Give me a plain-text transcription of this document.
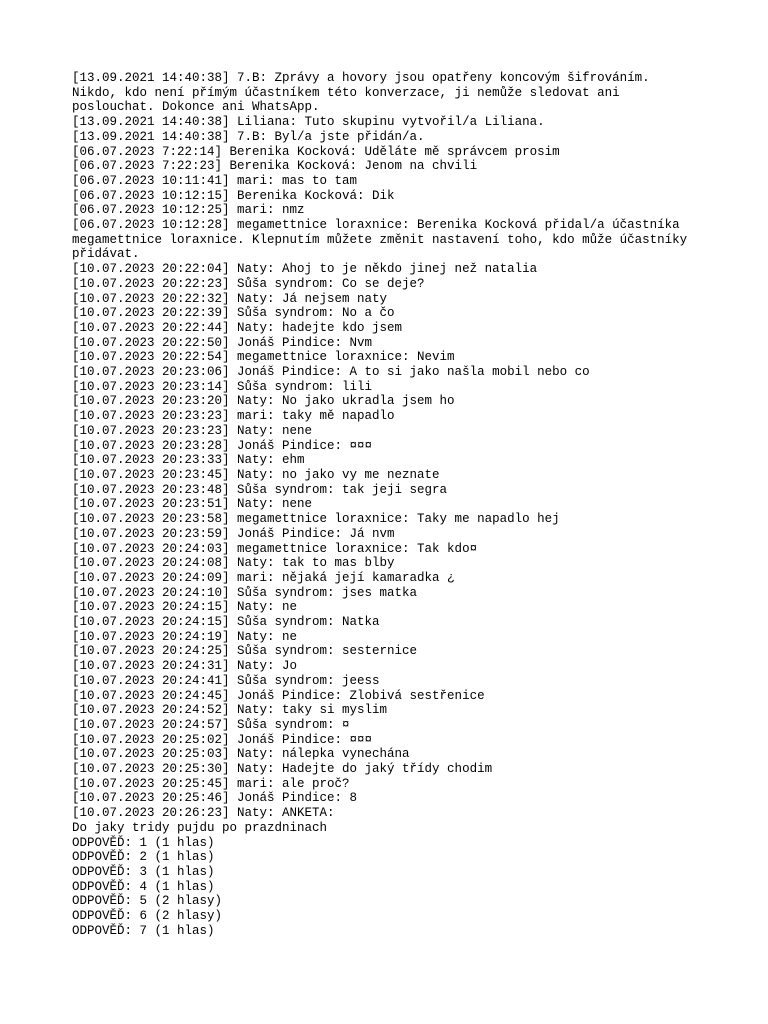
[13.09.2021 14:40:38] 7.B: Zprávy a hovory jsou opatřeny koncovým šifrováním.
Nikdo, kdo není přímým účastníkem této konverzace, ji nemůže sledovat ani
poslouchat. Dokonce ani WhatsApp.
[13.09.2021 14:40:38] Liliana: Tuto skupinu vytvořil/a Liliana.
[13.09.2021 14:40:38] 7.B: Byl/a jste přidán/a.
[06.07.2023 7:22:14] Berenika Kocková: Uděláte mě správcem prosim
[06.07.2023 7:22:23] Berenika Kocková: Jenom na chvili
[06.07.2023 10:11:41] mari: mas to tam
[06.07.2023 10:12:15] Berenika Kocková: Dik
[06.07.2023 10:12:25] mari: nmz
[06.07.2023 10:12:28] megamettnice loraxnice: Berenika Kocková přidal/a účastníka
megamettnice loraxnice. Klepnutím můžete změnit nastavení toho, kdo může účastníky
přidávat.
[10.07.2023 20:22:04] Naty: Ahoj to je někdo jinej než natalia
[10.07.2023 20:22:23] Sůša syndrom: Co se deje?
[10.07.2023 20:22:32] Naty: Já nejsem naty
[10.07.2023 20:22:39] Sůša syndrom: No a čo
[10.07.2023 20:22:44] Naty: hadejte kdo jsem
[10.07.2023 20:22:50] Jonáš Pindice: Nvm
[10.07.2023 20:22:54] megamettnice loraxnice: Nevim
[10.07.2023 20:23:06] Jonáš Pindice: A to si jako našla mobil nebo co
[10.07.2023 20:23:14] Sůša syndrom: lili
[10.07.2023 20:23:20] Naty: No jako ukradla jsem ho
[10.07.2023 20:23:23] mari: taky mě napadlo
[10.07.2023 20:23:23] Naty: nene
[10.07.2023 20:23:28] Jonáš Pindice: ¤¤¤
[10.07.2023 20:23:33] Naty: ehm
[10.07.2023 20:23:45] Naty: no jako vy me neznate
[10.07.2023 20:23:48] Sůša syndrom: tak jeji segra
[10.07.2023 20:23:51] Naty: nene
[10.07.2023 20:23:58] megamettnice loraxnice: Taky me napadlo hej
[10.07.2023 20:23:59] Jonáš Pindice: Já nvm
[10.07.2023 20:24:03] megamettnice loraxnice: Tak kdo¤
[10.07.2023 20:24:08] Naty: tak to mas blby
[10.07.2023 20:24:09] mari: nějaká její kamaradka ¿
[10.07.2023 20:24:10] Sůša syndrom: jses matka
[10.07.2023 20:24:15] Naty: ne
[10.07.2023 20:24:15] Sůša syndrom: Natka
[10.07.2023 20:24:19] Naty: ne
[10.07.2023 20:24:25] Sůša syndrom: sesternice
[10.07.2023 20:24:31] Naty: Jo
[10.07.2023 20:24:41] Sůša syndrom: jeess
[10.07.2023 20:24:45] Jonáš Pindice: Zlobivá sestřenice
[10.07.2023 20:24:52] Naty: taky si myslim
[10.07.2023 20:24:57] Sůša syndrom: ¤
[10.07.2023 20:25:02] Jonáš Pindice: ¤¤¤
[10.07.2023 20:25:03] Naty: nálepka vynechána
[10.07.2023 20:25:30] Naty: Hadejte do jaký třídy chodim
[10.07.2023 20:25:45] mari: ale proč?
[10.07.2023 20:25:46] Jonáš Pindice: 8
[10.07.2023 20:26:23] Naty: ANKETA:
Do jaky tridy pujdu po prazdninach
ODPOVĚĎ: 1 (1 hlas)
ODPOVĚĎ: 2 (1 hlas)
ODPOVĚĎ: 3 (1 hlas)
ODPOVĚĎ: 4 (1 hlas)
ODPOVĚĎ: 5 (2 hlasy)
ODPOVĚĎ: 6 (2 hlasy)
ODPOVĚĎ: 7 (1 hlas)
